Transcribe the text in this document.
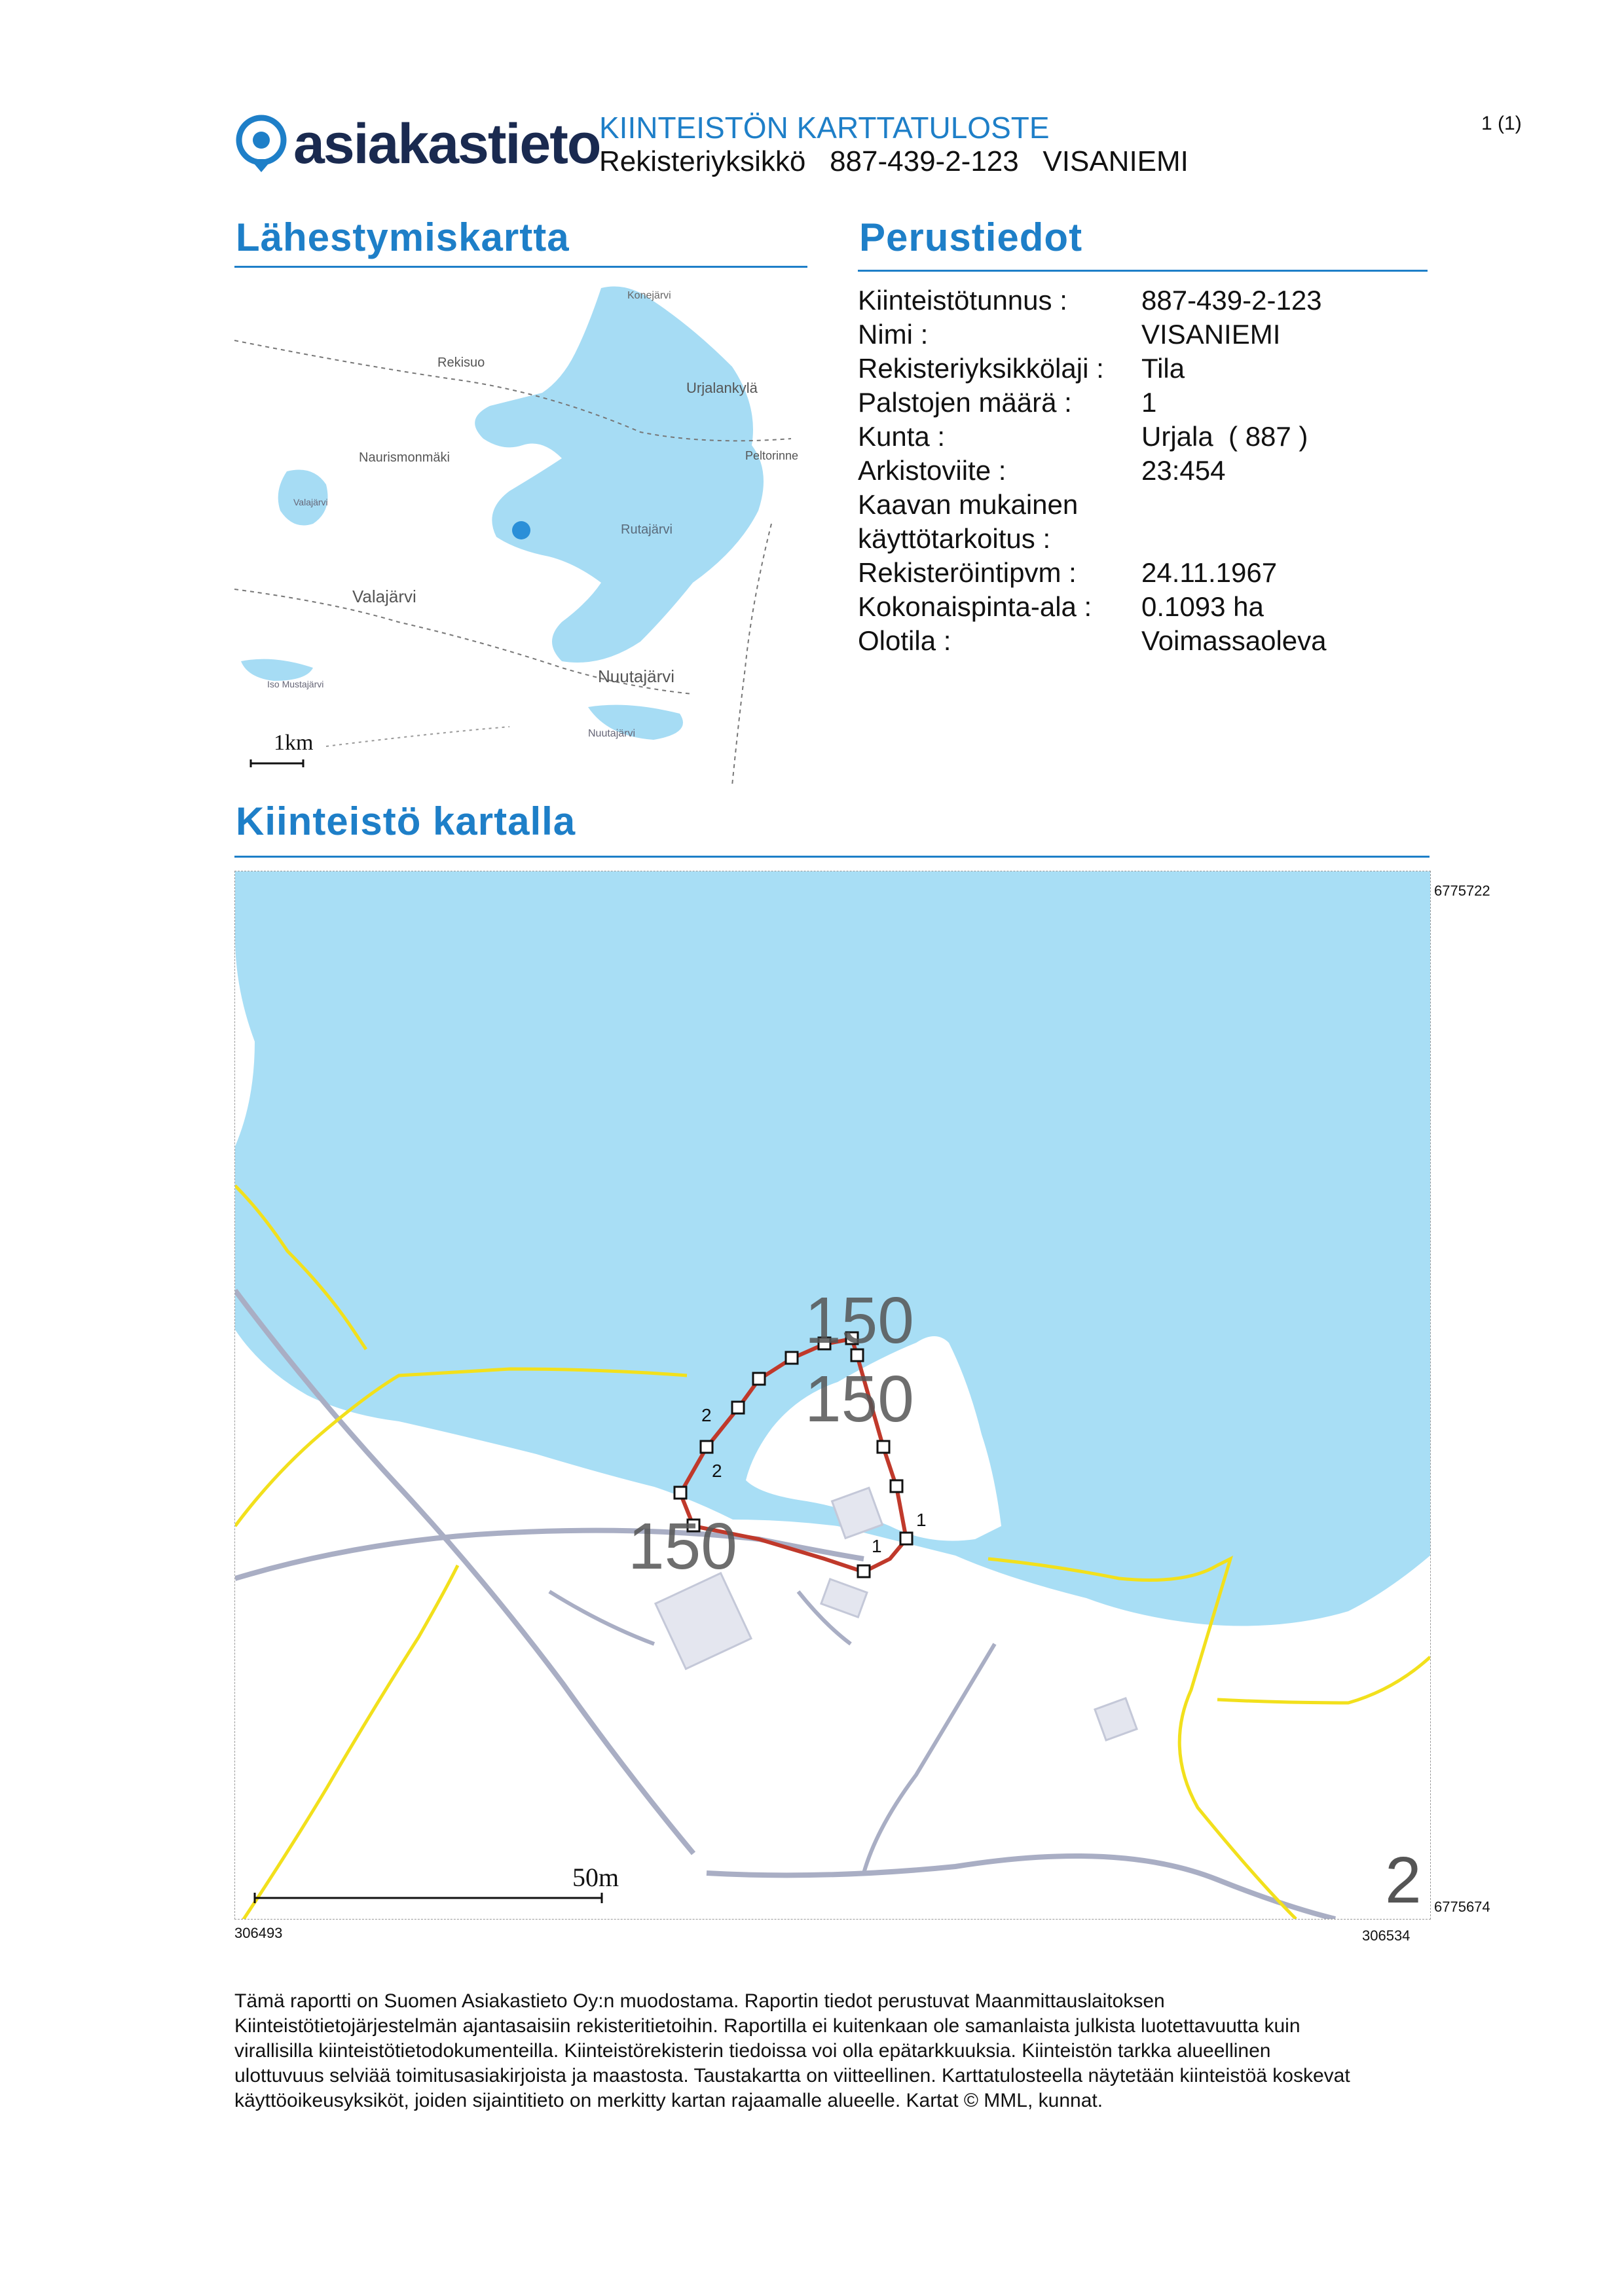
asiakastieto
KIINTEISTÖN KARTTATULOSTE
Rekisteriyksikkö   887-439-2-123   VISANIEMI
1 (1)
Lähestymiskartta
Konejärvi
Rekisuo
Urjalankylä
Naurismonmäki	Peltorinne
Valajärvi
Rutajärvi
Valajärvi
Iso Mustajärvi	Nuutajärvi
Nuutajärvi
1km
Perustiedot
Kiinteistötunnus :	887-439-2-123
Nimi :	VISANIEMI
Rekisteriyksikkölaji : Tila
Palstojen määrä :	1
Kunta :	Urjala  ( 887 )
Arkistoviite :	23:454
Kaavan mukainen
käyttötarkoitus :
Rekisteröintipvm : 24.11.1967
Kokonaispinta-ala : 0.1093 ha
Olotila :	Voimassaoleva
Kiinteistö kartalla
150
150
150
2
2
1
1
2
50m
6775722
6775674
306493	306534
Tämä raportti on Suomen Asiakastieto Oy:n muodostama. Raportin tiedot perustuvat Maanmittauslaitoksen
Kiinteistötietojärjestelmän ajantasaisiin rekisteritietoihin. Raportilla ei kuitenkaan ole samanlaista julkista luotettavuutta kuin
virallisilla kiinteistötietodokumenteilla. Kiinteistörekisterin tiedoissa voi olla epätarkkuuksia. Kiinteistön tarkka alueellinen
ulottuvuus selviää toimitusasiakirjoista ja maastosta. Taustakartta on viitteellinen. Karttatulosteella näytetään kiinteistöä koskevat
käyttöoikeusyksiköt, joiden sijaintitieto on merkitty kartan rajaamalle alueelle. Kartat © MML, kunnat.
